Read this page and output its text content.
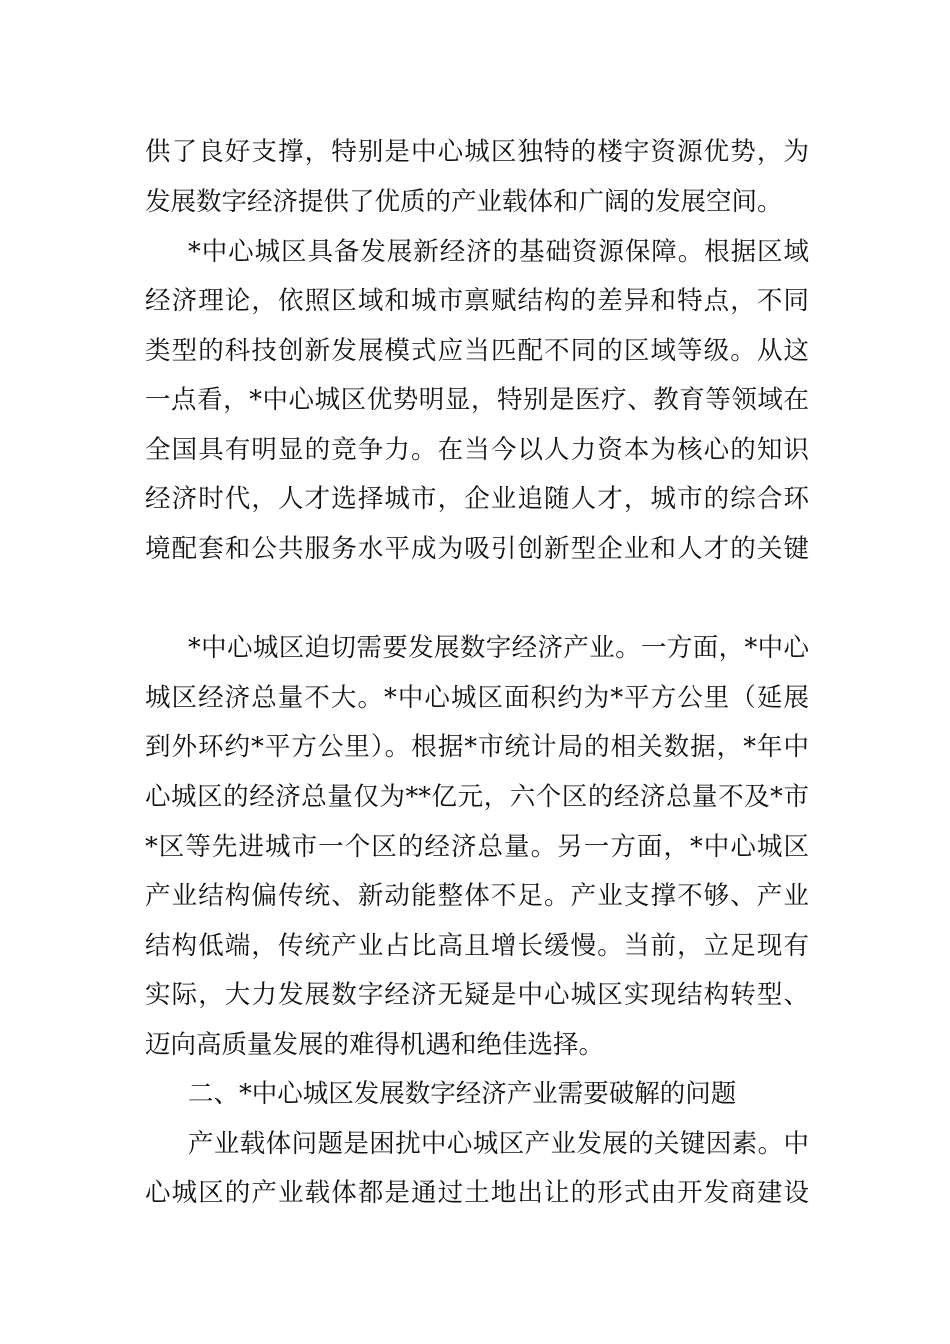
供了良好支撑，特别是中心城区独特的楼宇资源优势，为
发展数字经济提供了优质的产业载体和广阔的发展空间。
*中心城区具备发展新经济的基础资源保障。根据区域
经济理论，依照区域和城市禀赋结构的差异和特点，不同
类型的科技创新发展模式应当匹配不同的区域等级。从这
一点看，*中心城区优势明显，特别是医疗、教育等领域在
全国具有明显的竞争力。在当今以人力资本为核心的知识
经济时代，人才选择城市，企业追随人才，城市的综合环
境配套和公共服务水平成为吸引创新型企业和人才的关键
*中心城区迫切需要发展数字经济产业。一方面，*中心
城区经济总量不大。*中心城区面积约为*平方公里（延展
到外环约*平方公里）。根据*市统计局的相关数据，*年中
心城区的经济总量仅为**亿元，六个区的经济总量不及*市
*区等先进城市一个区的经济总量。另一方面，*中心城区
产业结构偏传统、新动能整体不足。产业支撑不够、产业
结构低端，传统产业占比高且增长缓慢。当前，立足现有
实际，大力发展数字经济无疑是中心城区实现结构转型、
迈向高质量发展的难得机遇和绝佳选择。
二、*中心城区发展数字经济产业需要破解的问题
产业载体问题是困扰中心城区产业发展的关键因素。中
心城区的产业载体都是通过土地出让的形式由开发商建设
